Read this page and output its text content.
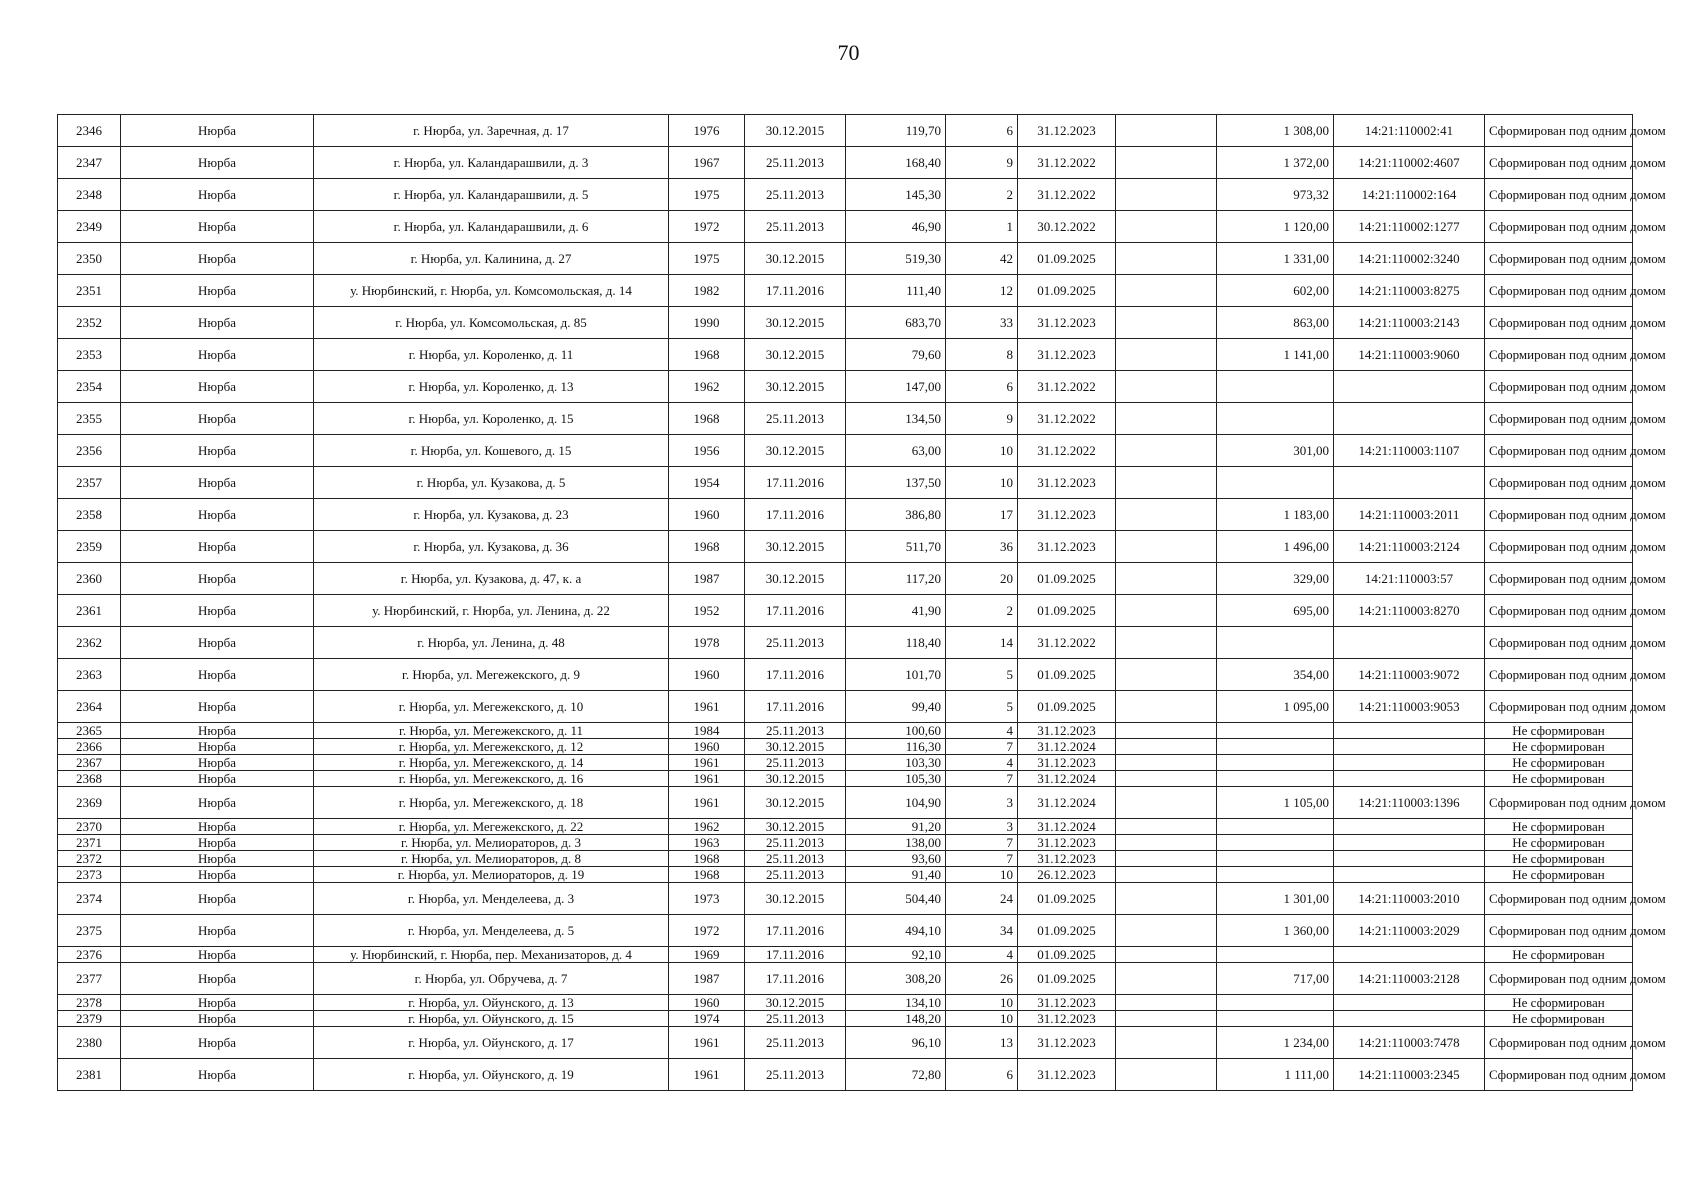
70
2346	Нюрба	г. Нюрба, ул. Заречная, д. 17	1976	30.12.2015	119,70	6	31.12.2023		1 308,00	14:21:110002:41	Сформирован под одним домом
2347	Нюрба	г. Нюрба, ул. Каландарашвили, д. 3	1967	25.11.2013	168,40	9	31.12.2022		1 372,00	14:21:110002:4607	Сформирован под одним домом
2348	Нюрба	г. Нюрба, ул. Каландарашвили, д. 5	1975	25.11.2013	145,30	2	31.12.2022		973,32	14:21:110002:164	Сформирован под одним домом
2349	Нюрба	г. Нюрба, ул. Каландарашвили, д. 6	1972	25.11.2013	46,90	1	30.12.2022		1 120,00	14:21:110002:1277	Сформирован под одним домом
2350	Нюрба	г. Нюрба, ул. Калинина, д. 27	1975	30.12.2015	519,30	42	01.09.2025		1 331,00	14:21:110002:3240	Сформирован под одним домом
2351	Нюрба	у. Нюрбинский, г. Нюрба, ул. Комсомольская, д. 14	1982	17.11.2016	111,40	12	01.09.2025		602,00	14:21:110003:8275	Сформирован под одним домом
2352	Нюрба	г. Нюрба, ул. Комсомольская, д. 85	1990	30.12.2015	683,70	33	31.12.2023		863,00	14:21:110003:2143	Сформирован под одним домом
2353	Нюрба	г. Нюрба, ул. Короленко, д. 11	1968	30.12.2015	79,60	8	31.12.2023		1 141,00	14:21:110003:9060	Сформирован под одним домом
2354	Нюрба	г. Нюрба, ул. Короленко, д. 13	1962	30.12.2015	147,00	6	31.12.2022				Сформирован под одним домом
2355	Нюрба	г. Нюрба, ул. Короленко, д. 15	1968	25.11.2013	134,50	9	31.12.2022				Сформирован под одним домом
2356	Нюрба	г. Нюрба, ул. Кошевого, д. 15	1956	30.12.2015	63,00	10	31.12.2022		301,00	14:21:110003:1107	Сформирован под одним домом
2357	Нюрба	г. Нюрба, ул. Кузакова, д. 5	1954	17.11.2016	137,50	10	31.12.2023				Сформирован под одним домом
2358	Нюрба	г. Нюрба, ул. Кузакова, д. 23	1960	17.11.2016	386,80	17	31.12.2023		1 183,00	14:21:110003:2011	Сформирован под одним домом
2359	Нюрба	г. Нюрба, ул. Кузакова, д. 36	1968	30.12.2015	511,70	36	31.12.2023		1 496,00	14:21:110003:2124	Сформирован под одним домом
2360	Нюрба	г. Нюрба, ул. Кузакова, д. 47, к. а	1987	30.12.2015	117,20	20	01.09.2025		329,00	14:21:110003:57	Сформирован под одним домом
2361	Нюрба	у. Нюрбинский, г. Нюрба, ул. Ленина, д. 22	1952	17.11.2016	41,90	2	01.09.2025		695,00	14:21:110003:8270	Сформирован под одним домом
2362	Нюрба	г. Нюрба, ул. Ленина, д. 48	1978	25.11.2013	118,40	14	31.12.2022				Сформирован под одним домом
2363	Нюрба	г. Нюрба, ул. Мегежекского, д. 9	1960	17.11.2016	101,70	5	01.09.2025		354,00	14:21:110003:9072	Сформирован под одним домом
2364	Нюрба	г. Нюрба, ул. Мегежекского, д. 10	1961	17.11.2016	99,40	5	01.09.2025		1 095,00	14:21:110003:9053	Сформирован под одним домом
2365	Нюрба	г. Нюрба, ул. Мегежекского, д. 11	1984	25.11.2013	100,60	4	31.12.2023				Не сформирован
2366	Нюрба	г. Нюрба, ул. Мегежекского, д. 12	1960	30.12.2015	116,30	7	31.12.2024				Не сформирован
2367	Нюрба	г. Нюрба, ул. Мегежекского, д. 14	1961	25.11.2013	103,30	4	31.12.2023				Не сформирован
2368	Нюрба	г. Нюрба, ул. Мегежекского, д. 16	1961	30.12.2015	105,30	7	31.12.2024				Не сформирован
2369	Нюрба	г. Нюрба, ул. Мегежекского, д. 18	1961	30.12.2015	104,90	3	31.12.2024		1 105,00	14:21:110003:1396	Сформирован под одним домом
2370	Нюрба	г. Нюрба, ул. Мегежекского, д. 22	1962	30.12.2015	91,20	3	31.12.2024				Не сформирован
2371	Нюрба	г. Нюрба, ул. Мелиораторов, д. 3	1963	25.11.2013	138,00	7	31.12.2023				Не сформирован
2372	Нюрба	г. Нюрба, ул. Мелиораторов, д. 8	1968	25.11.2013	93,60	7	31.12.2023				Не сформирован
2373	Нюрба	г. Нюрба, ул. Мелиораторов, д. 19	1968	25.11.2013	91,40	10	26.12.2023				Не сформирован
2374	Нюрба	г. Нюрба, ул. Менделеева, д. 3	1973	30.12.2015	504,40	24	01.09.2025		1 301,00	14:21:110003:2010	Сформирован под одним домом
2375	Нюрба	г. Нюрба, ул. Менделеева, д. 5	1972	17.11.2016	494,10	34	01.09.2025		1 360,00	14:21:110003:2029	Сформирован под одним домом
2376	Нюрба	у. Нюрбинский, г. Нюрба, пер. Механизаторов, д. 4	1969	17.11.2016	92,10	4	01.09.2025				Не сформирован
2377	Нюрба	г. Нюрба, ул. Обручева, д. 7	1987	17.11.2016	308,20	26	01.09.2025		717,00	14:21:110003:2128	Сформирован под одним домом
2378	Нюрба	г. Нюрба, ул. Ойунского, д. 13	1960	30.12.2015	134,10	10	31.12.2023				Не сформирован
2379	Нюрба	г. Нюрба, ул. Ойунского, д. 15	1974	25.11.2013	148,20	10	31.12.2023				Не сформирован
2380	Нюрба	г. Нюрба, ул. Ойунского, д. 17	1961	25.11.2013	96,10	13	31.12.2023		1 234,00	14:21:110003:7478	Сформирован под одним домом
2381	Нюрба	г. Нюрба, ул. Ойунского, д. 19	1961	25.11.2013	72,80	6	31.12.2023		1 111,00	14:21:110003:2345	Сформирован под одним домом
